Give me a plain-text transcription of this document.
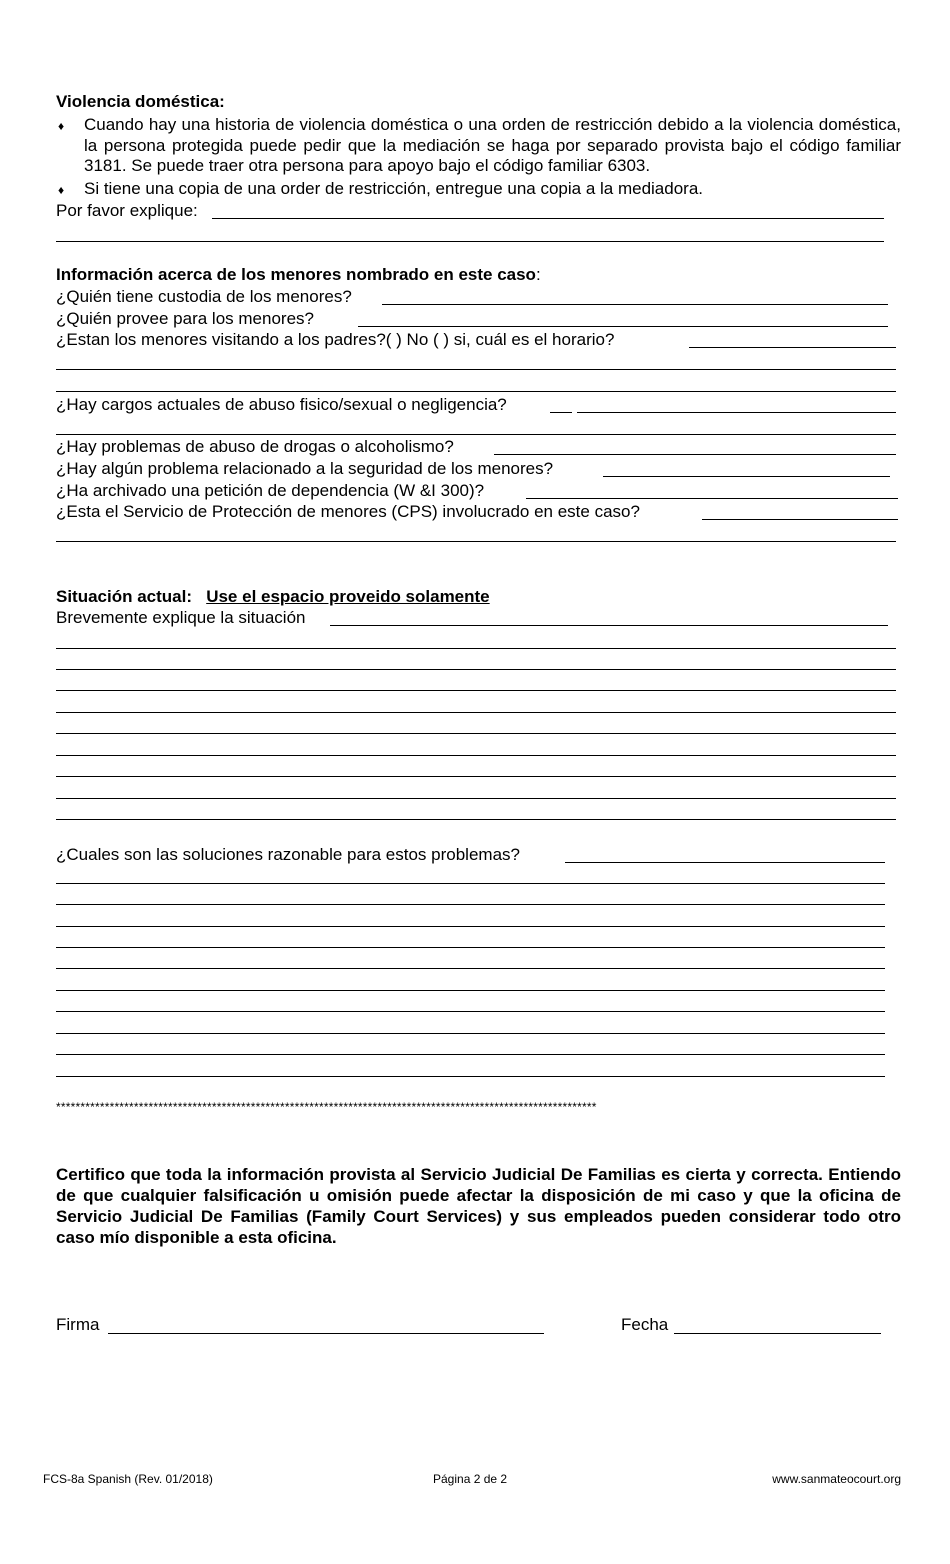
Violencia doméstica:
♦ Cuando hay una historia de violencia doméstica o una orden de restricción debido a la violencia doméstica, la persona protegida puede pedir que la mediación se haga por separado provista bajo el código familiar 3181. Se puede traer otra persona para apoyo bajo el código familiar 6303.
♦ Si tiene una copia de una order de restricción, entregue una copia a la mediadora.
Por favor explique:
Información acerca de los menores nombrado en este caso:
¿Quién tiene custodia de los menores?
¿Quién provee para los menores?
¿Estan los menores visitando a los padres?( ) No ( ) si, cuál es el horario?
¿Hay cargos actuales de abuso fisico/sexual o negligencia?
¿Hay problemas de abuso de drogas o alcoholismo?
¿Hay algún problema relacionado a la seguridad de los menores?
¿Ha archivado una petición de dependencia (W &I 300)?
¿Esta el Servicio de Protección de menores (CPS) involucrado en este caso?
Situación actual: Use el espacio proveido solamente
Brevemente explique la situación
¿Cuales son las soluciones razonable para estos problemas?
***************************************************************************************************************
Certifico que toda la información provista al Servicio Judicial De Familias es cierta y correcta. Entiendo de que cualquier falsificación u omisión puede afectar la disposición de mi caso y que la oficina de Servicio Judicial De Familias (Family Court Services) y sus empleados pueden considerar todo otro caso mío disponible a esta oficina.
Firma	Fecha
FCS-8a Spanish (Rev. 01/2018)	Página 2 de 2	www.sanmateocourt.org
